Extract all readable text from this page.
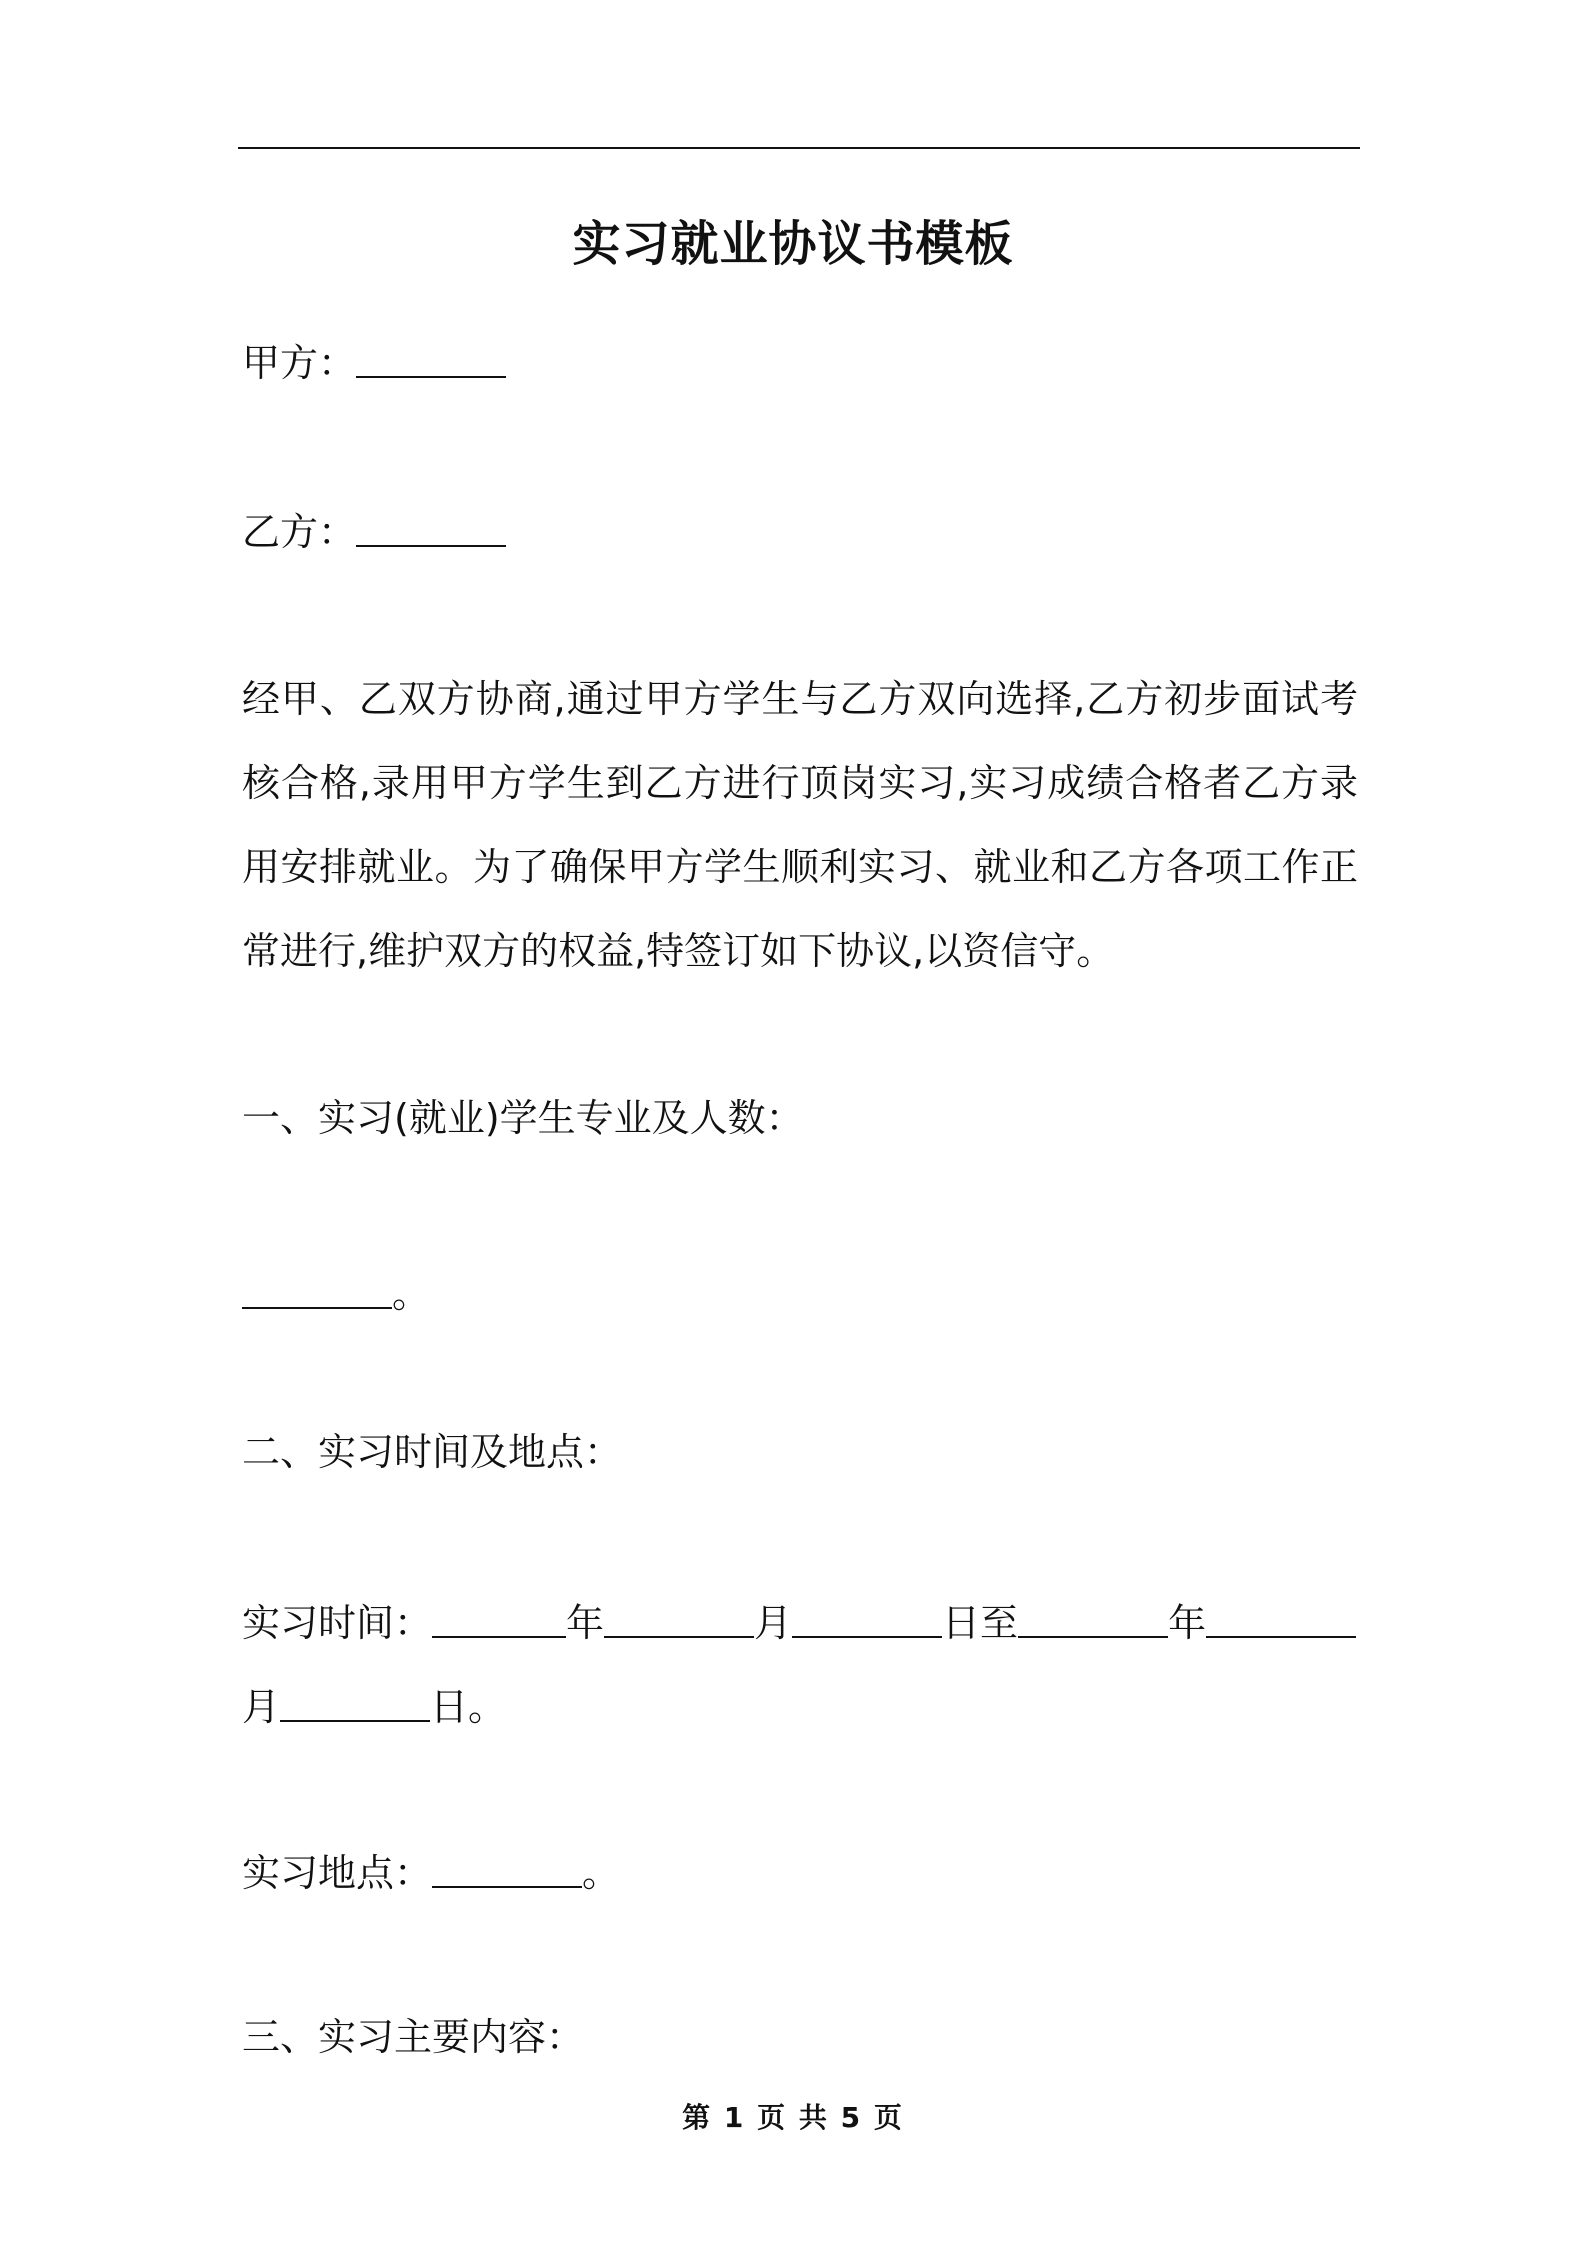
实习就业协议书模板
甲方：
乙方：
经甲、乙双方协商,通过甲方学生与乙方双向选择,乙方初步面试考核合格,录用甲方学生到乙方进行顶岗实习,实习成绩合格者乙方录用安排就业。为了确保甲方学生顺利实习、就业和乙方各项工作正常进行,维护双方的权益,特签订如下协议,以资信守。
一、实习(就业)学生专业及人数：
。
二、实习时间及地点：
实习时间：	年	月	日至	年
月	日。
实习地点：	。
三、实习主要内容：
第 1 页 共 5 页
